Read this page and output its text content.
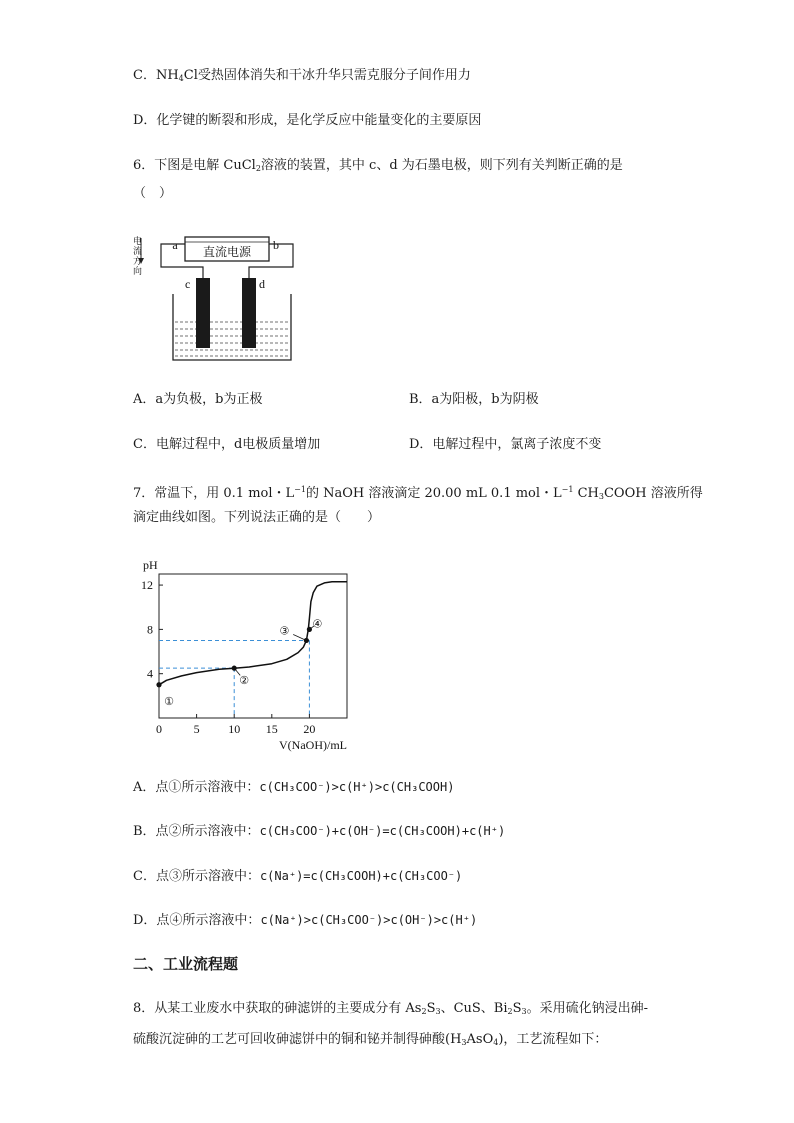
C．$NH_4Cl$受热固体消失和干冰升华只需克服分子间作用力
D．化学键的断裂和形成，是化学反应中能量变化的主要原因
6．下图是电解 CuCl$_2$溶液的装置，其中 c、d 为石墨电极，则下列有关判断正确的是
（　）
直流电源
a	b
电
流
方
向
c	d
A．a为负极，b为正极	B．a为阳极，b为阴极
C．电解过程中，d电极质量增加	D．电解过程中，氯离子浓度不变
7．常温下，用 0.1 mol・$L^{-1}$的 NaOH 溶液滴定 20.00 mL 0.1 mol・$L^{-1}$ $CH_3COOH$ 溶液所得
滴定曲线如图。下列说法正确的是（　　）
4
8
12
0	5 10 15 20
pH
V(NaOH)/mL
①
②
③
④
A．点①所示溶液中：c(CH₃COO⁻)>c(H⁺)>c(CH₃COOH)
B．点②所示溶液中：c(CH₃COO⁻)+c(OH⁻)=c(CH₃COOH)+c(H⁺)
C．点③所示溶液中：c(Na⁺)=c(CH₃COOH)+c(CH₃COO⁻)
D．点④所示溶液中：c(Na⁺)>c(CH₃COO⁻)>c(OH⁻)>c(H⁺)
二、工业流程题
8．从某工业废水中获取的砷滤饼的主要成分有 $As_2S_3$、CuS、$Bi_2S_3$。采用硫化钠浸出砷-
硫酸沉淀砷的工艺可回收砷滤饼中的铜和铋并制得砷酸$(H_3AsO_4)$，工艺流程如下：
